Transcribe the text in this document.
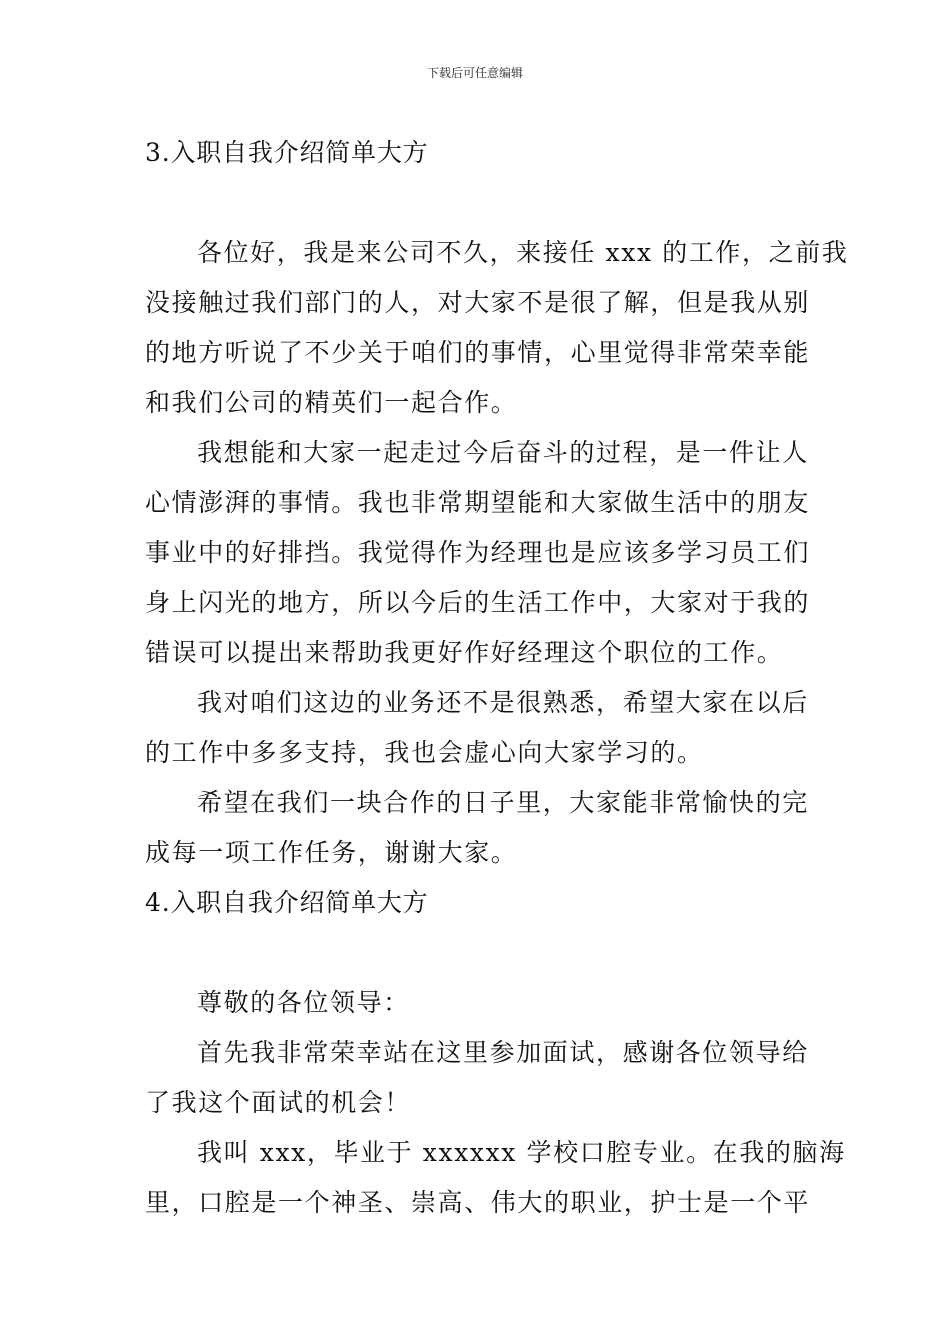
下载后可任意编辑
3.入职自我介绍简单大方
各位好，我是来公司不久，来接任 xxx 的工作，之前我
没接触过我们部门的人，对大家不是很了解，但是我从别
的地方听说了不少关于咱们的事情，心里觉得非常荣幸能
和我们公司的精英们一起合作。
我想能和大家一起走过今后奋斗的过程，是一件让人
心情澎湃的事情。我也非常期望能和大家做生活中的朋友
事业中的好排挡。我觉得作为经理也是应该多学习员工们
身上闪光的地方，所以今后的生活工作中，大家对于我的
错误可以提出来帮助我更好作好经理这个职位的工作。
我对咱们这边的业务还不是很熟悉，希望大家在以后
的工作中多多支持，我也会虚心向大家学习的。
希望在我们一块合作的日子里，大家能非常愉快的完
成每一项工作任务，谢谢大家。
4.入职自我介绍简单大方
尊敬的各位领导：
首先我非常荣幸站在这里参加面试，感谢各位领导给
了我这个面试的机会！
我叫 xxx，毕业于 xxxxxx 学校口腔专业。在我的脑海
里，口腔是一个神圣、崇高、伟大的职业，护士是一个平
